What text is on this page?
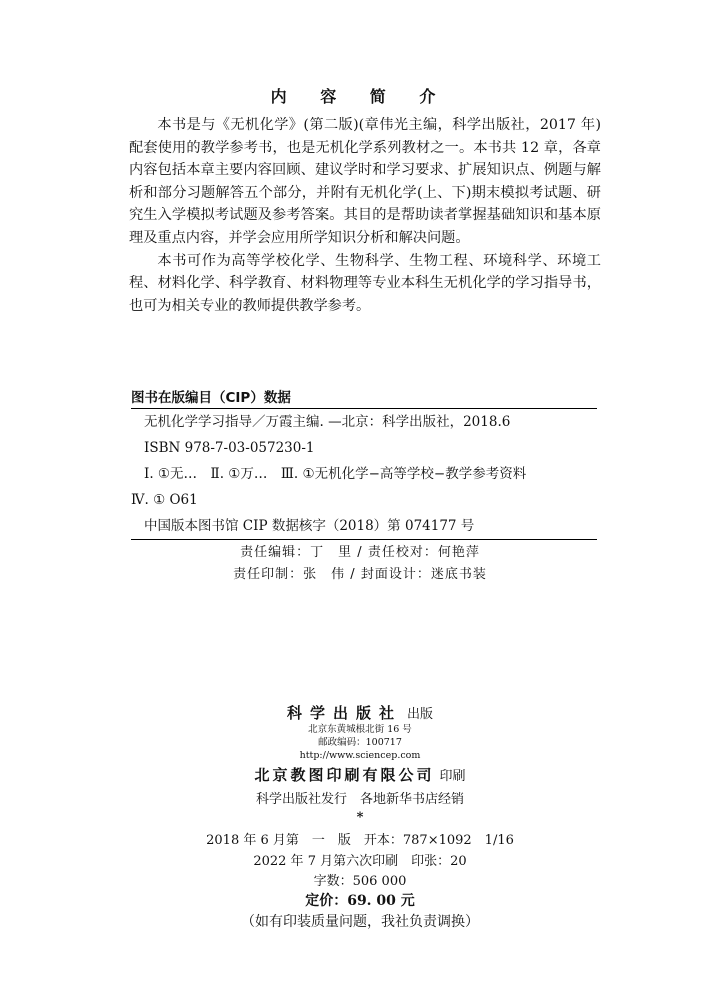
内 容 简 介

本书是与《无机化学》(第二版)(章伟光主编，科学出版社，2017 年)配套使用的教学参考书，也是无机化学系列教材之一。本书共 12 章，各章内容包括本章主要内容回顾、建议学时和学习要求、扩展知识点、例题与解析和部分习题解答五个部分，并附有无机化学(上、下)期末模拟考试题、研究生入学模拟考试题及参考答案。其目的是帮助读者掌握基础知识和基本原理及重点内容，并学会应用所学知识分析和解决问题。

本书可作为高等学校化学、生物科学、生物工程、环境科学、环境工程、材料化学、科学教育、材料物理等专业本科生无机化学的学习指导书，也可为相关专业的教师提供教学参考。

图书在版编目（CIP）数据
无机化学学习指导／万霞主编. —北京：科学出版社，2018.6
ISBN 978-7-03-057230-1
Ⅰ. ①无…　Ⅱ. ①万…　Ⅲ. ①无机化学−高等学校−教学参考资料
Ⅳ. ① O61
中国版本图书馆 CIP 数据核字（2018）第 074177 号
责任编辑：丁　里 / 责任校对：何艳萍
责任印制：张　伟 / 封面设计：迷底书装
科学出版社 出版
北京东黄城根北街 16 号
邮政编码：100717
http://www.sciencep.com
北京教图印刷有限公司 印刷
科学出版社发行　各地新华书店经销
*
2018 年 6 月第　一　版　开本：787×1092　1/16
2022 年 7 月第六次印刷　印张：20
字数：506 000
定价：69. 00 元
（如有印装质量问题，我社负责调换）
